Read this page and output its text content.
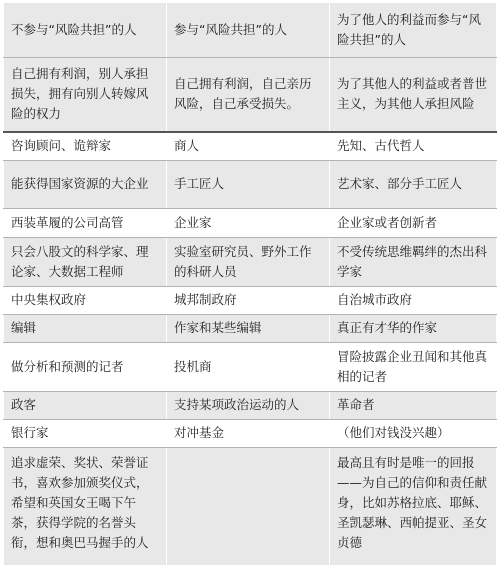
不参与“风险共担”的人	参与“风险共担”的人	为了他人的利益而参与“风险共担”的人
自己拥有利润，别人承担损失，拥有向别人转嫁风险的权力	自己拥有利润，自己亲历风险，自己承受损失。	为了其他人的利益或者普世主义，为其他人承担风险
咨询顾问、诡辩家	商人	先知、古代哲人
能获得国家资源的大企业	手工匠人	艺术家、部分手工匠人
西装革履的公司高管	企业家	企业家或者创新者
只会八股文的科学家、理论家、大数据工程师	实验室研究员、野外工作的科研人员	不受传统思维羁绊的杰出科学家
中央集权政府	城邦制政府	自治城市政府
编辑	作家和某些编辑	真正有才华的作家
做分析和预测的记者	投机商	冒险披露企业丑闻和其他真相的记者
政客	支持某项政治运动的人	革命者
银行家	对冲基金	（他们对钱没兴趣）
追求虚荣、奖状、荣誉证书，喜欢参加颁奖仪式，希望和英国女王喝下午茶，获得学院的名誉头衔，想和奥巴马握手的人		最高且有时是唯一的回报——为自己的信仰和责任献身，比如苏格拉底、耶稣、圣凯瑟琳、西帕提亚、圣女贞德
